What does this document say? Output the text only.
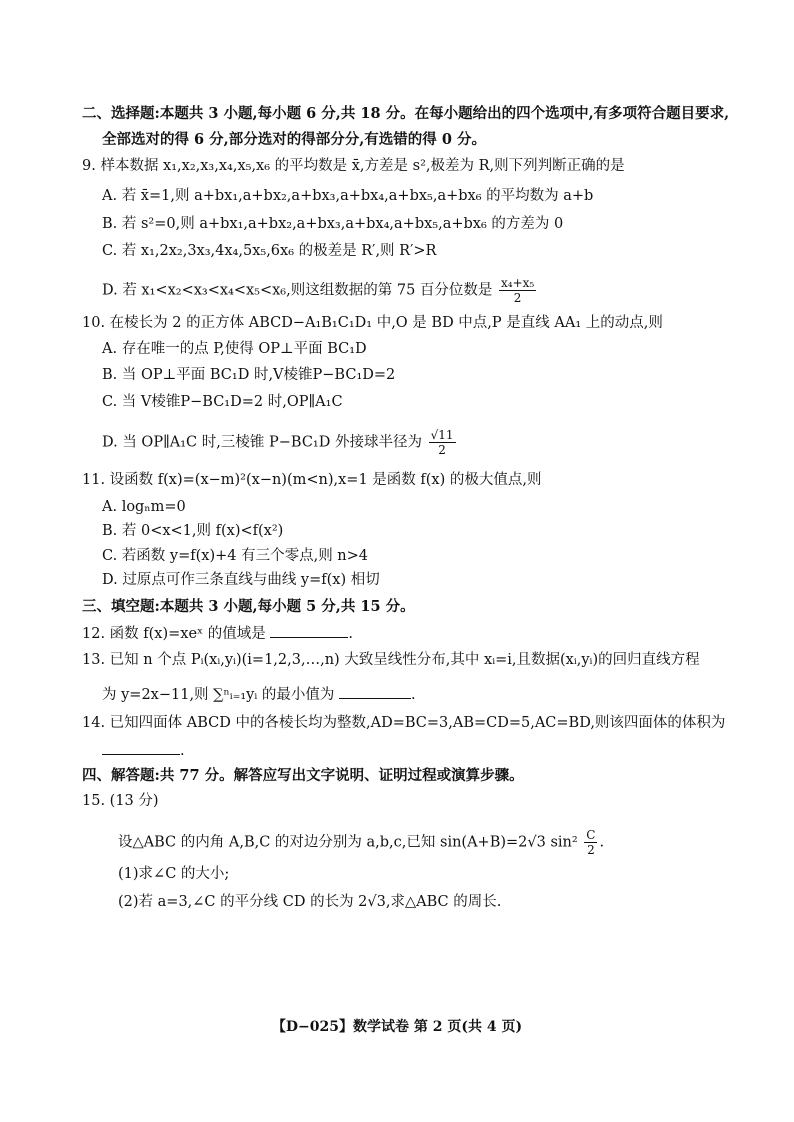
二、选择题:本题共 3 小题,每小题 6 分,共 18 分。在每小题给出的四个选项中,有多项符合题目要求,
全部选对的得 6 分,部分选对的得部分分,有选错的得 0 分。
9. 样本数据 x₁,x₂,x₃,x₄,x₅,x₆ 的平均数是 x̄,方差是 s²,极差为 R,则下列判断正确的是
A. 若 x̄=1,则 a+bx₁,a+bx₂,a+bx₃,a+bx₄,a+bx₅,a+bx₆ 的平均数为 a+b
B. 若 s²=0,则 a+bx₁,a+bx₂,a+bx₃,a+bx₄,a+bx₅,a+bx₆ 的方差为 0
C. 若 x₁,2x₂,3x₃,4x₄,5x₅,6x₆ 的极差是 R′,则 R′>R
D. 若 x₁<x₂<x₃<x₄<x₅<x₆,则这组数据的第 75 百分位数是 $\frac{\text{x₄+x₅}}{2}$
10. 在棱长为 2 的正方体 ABCD−A₁B₁C₁D₁ 中,O 是 BD 中点,P 是直线 AA₁ 上的动点,则
A. 存在唯一的点 P,使得 OP⊥平面 BC₁D
B. 当 OP⊥平面 BC₁D 时,V棱锥P−BC₁D=2
C. 当 V棱锥P−BC₁D=2 时,OP∥A₁C
D. 当 OP∥A₁C 时,三棱锥 P−BC₁D 外接球半径为 $\frac{√11}{2}$
11. 设函数 f(x)=(x−m)²(x−n)(m<n),x=1 是函数 f(x) 的极大值点,则
A. logₙm=0
B. 若 0<x<1,则 f(x)<f(x²)
C. 若函数 y=f(x)+4 有三个零点,则 n>4
D. 过原点可作三条直线与曲线 y=f(x) 相切
三、填空题:本题共 3 小题,每小题 5 分,共 15 分。
12. 函数 f(x)=xeˣ 的值域是	.
13. 已知 n 个点 Pᵢ(xᵢ,yᵢ)(i=1,2,3,…,n) 大致呈线性分布,其中 xᵢ=i,且数据(xᵢ,yᵢ)的回归直线方程
为 y=2x−11,则 ∑ⁿᵢ₌₁yᵢ 的最小值为	.
14. 已知四面体 ABCD 中的各棱长均为整数,AD=BC=3,AB=CD=5,AC=BD,则该四面体的体积为
.
四、解答题:共 77 分。解答应写出文字说明、证明过程或演算步骤。
15. (13 分)
设△ABC 的内角 A,B,C 的对边分别为 a,b,c,已知 sin(A+B)=2√3 $\sin^2 \frac{C}{2}$ .
(1)求∠C 的大小;
(2)若 a=3,∠C 的平分线 CD 的长为 2√3,求△ABC 的周长.
【D−025】数学试卷 第 2 页(共 4 页)
